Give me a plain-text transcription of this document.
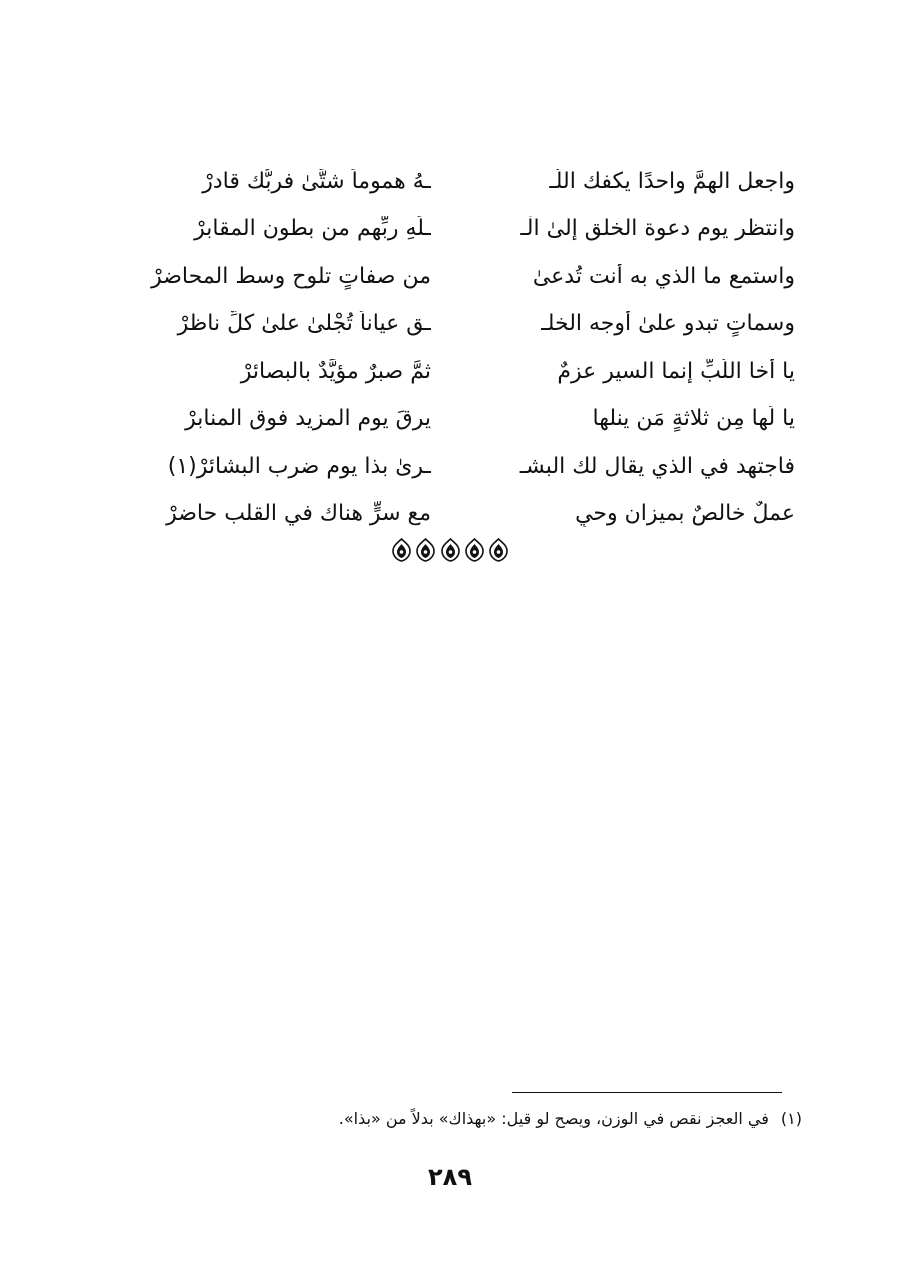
واجعل الهمَّ واحدًا يكفك اللّـ
ـهُ هموماً شتَّىٰ فربُّك قادرْ
وانتظر يوم دعوة الخلق إلىٰ الْـ
ـلَهِ ربِّهم من بطون المقابرْ
واستمع ما الذي به أنت تُدعىٰ
من صفاتٍ تلوح وسط المحاضرْ
وسماتٍ تبدو علىٰ أوجه الخلـ
ـقِ عياناً تُجْلىٰ علىٰ كلِّ ناظرْ
يا أخا اللُّبِّ إنما السير عزمٌ
ثمَّ صبرٌ مؤيَّدٌ بالبصائرْ
يا لَها مِن ثلاثةٍ مَن ينلها
يرقَ يوم المزيد فوق المنابرْ
فاجتهد في الذي يقال لك البشـ
ـرىٰ بذا يوم ضرب البشائرْ(١)
عملٌ خالصٌ بميزان وحيٍ
مع سرٍّ هناك في القلب حاضرْ
(١)في العجز نقص في الوزن، ويصح لو قيل: «بهذاك» بدلاً من «بذا».
٢٨٩
